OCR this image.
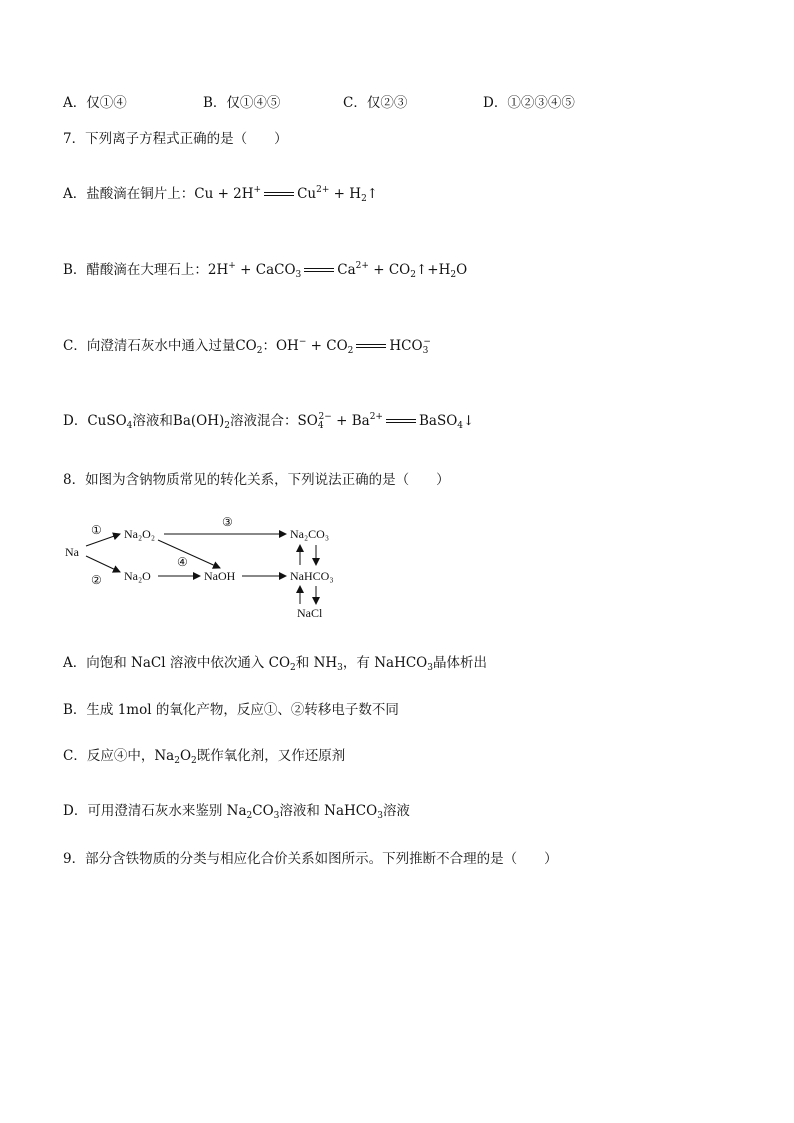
A．仅①④	B．仅①④⑤	C．仅②③	D．①②③④⑤
7．下列离子方程式正确的是（　　）
A．盐酸滴在铜片上：Cu + 2H+	$Cu^{2+}$ + $H_2↑$
B．醋酸滴在大理石上：2H+ + CaCO$_3$	$Ca^{2+}$ + $CO_2↑+H_2O$
C．向澄清石灰水中通入过量$CO_2$：$OH^- + CO_2$	$HCO_3^-$
D．CuSO$_4$溶液和$Ba(OH)_2$溶液混合：$SO_4^{2-} + Ba^{2+}$	BaSO$_4$↓
8．如图为含钠物质常见的转化关系，下列说法正确的是（　　）
Na
Na₂O₂
Na₂O	NaOH
Na₂CO₃
NaHCO₃
NaCl
①
②
③
④
A．向饱和 NaCl 溶液中依次通入 $CO_2$和 $NH_3$，有 NaHCO$_3$晶体析出
B．生成 1mol 的氧化产物，反应①、②转移电子数不同
C．反应④中，$Na_2O_2$既作氧化剂，又作还原剂
D．可用澄清石灰水来鉴别 $Na_2CO_3$溶液和 NaHCO$_3$溶液
9．部分含铁物质的分类与相应化合价关系如图所示。下列推断不合理的是（　　）
